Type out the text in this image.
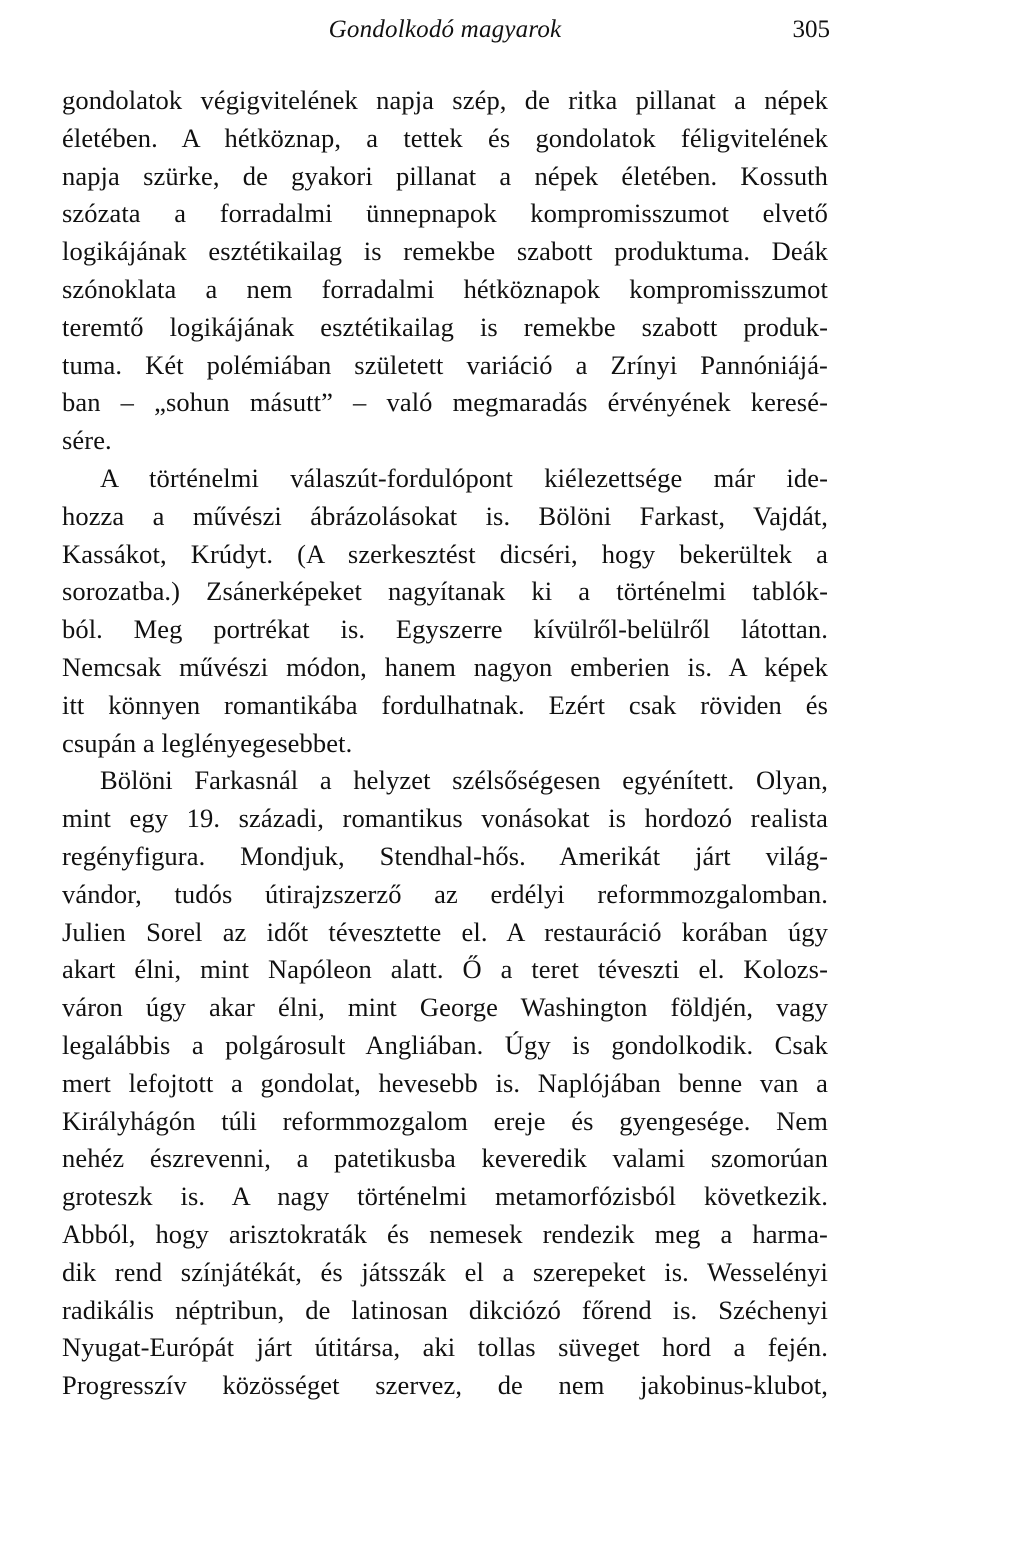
Gondolkodó magyarok	305
gondolatok végigvitelének napja szép, de ritka pillanat a népek
életében. A hétköznap, a tettek és gondolatok féligvitelének
napja szürke, de gyakori pillanat a népek életében. Kossuth
szózata a forradalmi ünnepnapok kompromisszumot elvető
logikájának esztétikailag is remekbe szabott produktuma. Deák
szónoklata a nem forradalmi hétköznapok kompromisszumot
teremtő logikájának esztétikailag is remekbe szabott produk-
tuma. Két polémiában született variáció a Zrínyi Pannóniájá-
ban – „sohun másutt” – való megmaradás érvényének keresé-
sére.
A történelmi válaszút-fordulópont kiélezettsége már ide-
hozza a művészi ábrázolásokat is. Bölöni Farkast, Vajdát,
Kassákot, Krúdyt. (A szerkesztést dicséri, hogy bekerültek a
sorozatba.) Zsánerképeket nagyítanak ki a történelmi tablók-
ból. Meg portrékat is. Egyszerre kívülről-belülről látottan.
Nemcsak művészi módon, hanem nagyon emberien is. A képek
itt könnyen romantikába fordulhatnak. Ezért csak röviden és
csupán a leglényegesebbet.
Bölöni Farkasnál a helyzet szélsőségesen egyénített. Olyan,
mint egy 19. századi, romantikus vonásokat is hordozó realista
regényfigura. Mondjuk, Stendhal-hős. Amerikát járt világ-
vándor, tudós útirajzszerző az erdélyi reformmozgalomban.
Julien Sorel az időt tévesztette el. A restauráció korában úgy
akart élni, mint Napóleon alatt. Ő a teret téveszti el. Kolozs-
váron úgy akar élni, mint George Washington földjén, vagy
legalábbis a polgárosult Angliában. Úgy is gondolkodik. Csak
mert lefojtott a gondolat, hevesebb is. Naplójában benne van a
Királyhágón túli reformmozgalom ereje és gyengesége. Nem
nehéz észrevenni, a patetikusba keveredik valami szomorúan
groteszk is. A nagy történelmi metamorfózisból következik.
Abból, hogy arisztokraták és nemesek rendezik meg a harma-
dik rend színjátékát, és játsszák el a szerepeket is. Wesselényi
radikális néptribun, de latinosan dikciózó főrend is. Széchenyi
Nyugat-Európát járt útitársa, aki tollas süveget hord a fején.
Progresszív közösséget szervez, de nem jakobinus-klubot,
